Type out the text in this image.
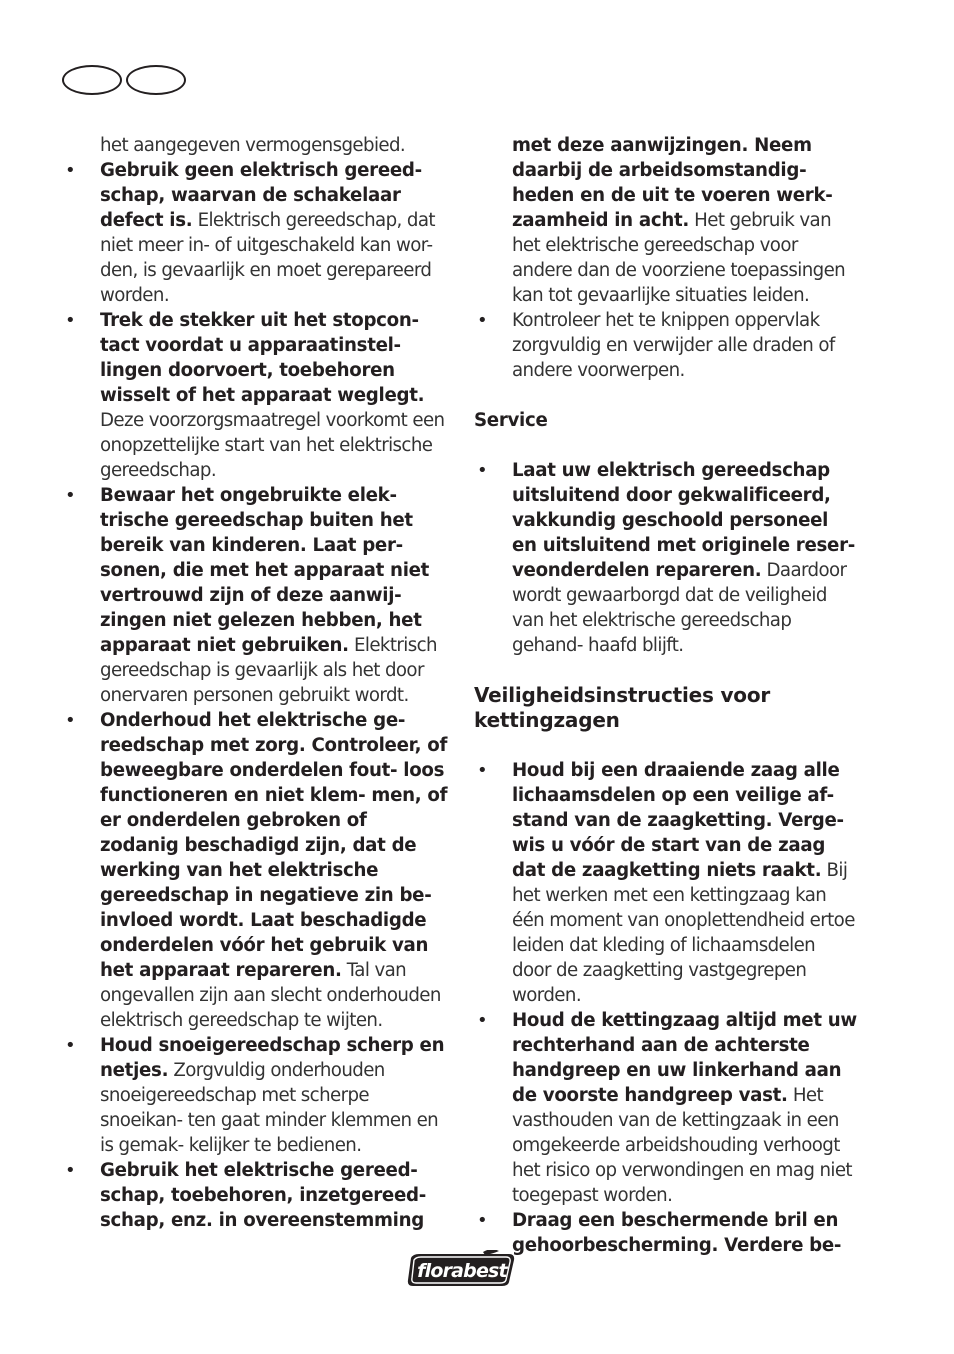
het aangegeven vermogensgebied.

• Gebruik geen elektrisch gereed- schap, waarvan de schakelaar defect is. Elektrisch gereedschap, dat niet meer in- of uitgeschakeld kan wor- den, is gevaarlijk en moet gerepareerd worden.

• Trek de stekker uit het stopcon- tact voordat u apparaatinstel- lingen doorvoert, toebehoren wisselt of het apparaat weglegt. Deze voorzorgsmaatregel voorkomt een onopzettelijke start van het elektrische gereedschap.

• Bewaar het ongebruikte elek- trische gereedschap buiten het bereik van kinderen. Laat per- sonen, die met het apparaat niet vertrouwd zijn of deze aanwij- zingen niet gelezen hebben, het apparaat niet gebruiken. Elektrisch gereedschap is gevaarlijk als het door onervaren personen gebruikt wordt.

• Onderhoud het elektrische ge- reedschap met zorg. Controleer, of beweegbare onderdelen fout- loos functioneren en niet klem- men, of er onderdelen gebroken of zodanig beschadigd zijn, dat de werking van het elektrische gereedschap in negatieve zin be- invloed wordt. Laat beschadigde onderdelen vóór het gebruik van het apparaat repareren. Tal van ongevallen zijn aan slecht onderhouden elektrisch gereedschap te wijten.

• Houd snoeigereedschap scherp en netjes. Zorgvuldig onderhouden snoeigereedschap met scherpe snoeikan- ten gaat minder klemmen en is gemak- kelijker te bedienen.

• Gebruik het elektrische gereed- schap, toebehoren, inzetgereed- schap, enz. in overeenstemming

met deze aanwijzingen. Neem daarbij de arbeidsomstandig- heden en de uit te voeren werk- zaamheid in acht. Het gebruik van het elektrische gereedschap voor andere dan de voorziene toepassingen kan tot gevaarlijke situaties leiden.

• Kontroleer het te knippen oppervlak zorgvuldig en verwijder alle draden of andere voorwerpen.

Service

• Laat uw elektrisch gereedschap uitsluitend door gekwalificeerd, vakkundig geschoold personeel en uitsluitend met originele reser- veonderdelen repareren. Daardoor wordt gewaarborgd dat de veiligheid van het elektrische gereedschap gehand- haafd blijft.

Veiligheidsinstructies voor kettingzagen

• Houd bij een draaiende zaag alle lichaamsdelen op een veilige af- stand van de zaagketting. Verge- wis u vóór de start van de zaag dat de zaagketting niets raakt. Bij het werken met een kettingzaag kan één moment van onoplettendheid ertoe leiden dat kleding of lichaamsdelen door de zaagketting vastgegrepen worden.

• Houd de kettingzaag altijd met uw rechterhand aan de achterste handgreep en uw linkerhand aan de voorste handgreep vast. Het vasthouden van de kettingzaak in een omgekeerde arbeidshouding verhoogt het risico op verwondingen en mag niet toegepast worden.

• Draag een beschermende bril en gehoorbescherming. Verdere be-

florabest
